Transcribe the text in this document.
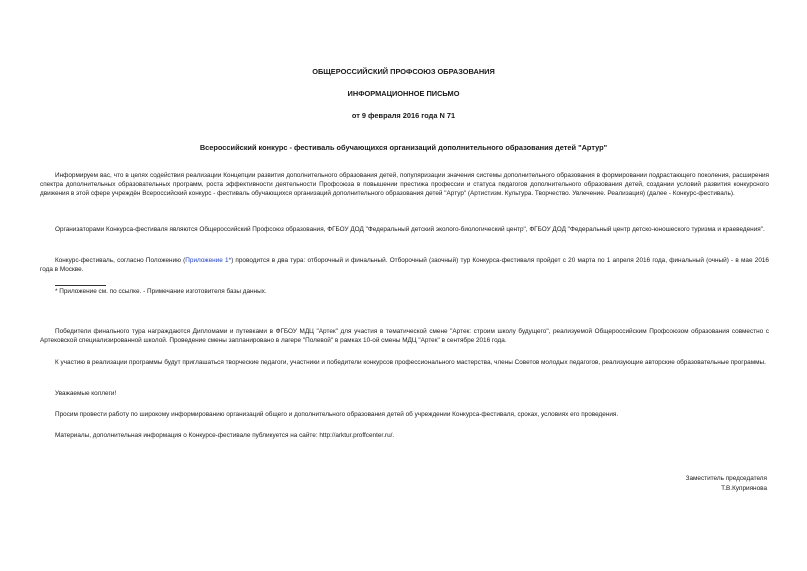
ОБЩЕРОССИЙСКИЙ ПРОФСОЮЗ ОБРАЗОВАНИЯ
ИНФОРМАЦИОННОЕ ПИСЬМО
от 9 февраля 2016 года N 71
Всероссийский конкурс - фестиваль обучающихся организаций дополнительного образования детей "Артур"
Информируем вас, что в целях содействия реализации Концепции развития дополнительного образования детей, популяризации значения системы дополнительного образования в формировании подрастающего поколения, расширения спектра дополнительных образовательных программ, роста эффективности деятельности Профсоюза в повышении престижа профессии и статуса педагогов дополнительного образования детей, создании условий развития конкурсного движения в этой сфере учреждён Всероссийский конкурс - фестиваль обучающихся организаций дополнительного образования детей "Артур" (Артистизм. Культура. Творчество. Увлечение. Реализация) (далее - Конкурс-фестиваль).
Организаторами Конкурса-фестиваля являются Общероссийский Профсоюз образования, ФГБОУ ДОД "Федеральный детский эколого-биологический центр", ФГБОУ ДОД "Федеральный центр детско-юношеского туризма и краеведения".
Конкурс-фестиваль, согласно Положению (Приложение 1*) проводится в два тура: отборочный и финальный. Отборочный (заочный) тур Конкурса-фестиваля пройдет с 20 марта по 1 апреля 2016 года, финальный (очный) - в мае 2016 года в Москве.
* Приложение см. по ссылке. - Примечание изготовителя базы данных.
Победители финального тура награждаются Дипломами и путевками в ФГБОУ МДЦ "Артек" для участия в тематической смене "Артек: строим школу будущего", реализуемой Общероссийским Профсоюзом образования совместно с Артековской специализированной школой. Проведение смены запланировано в лагере "Полевой" в рамках 10-ой смены МДЦ "Артек" в сентябре 2016 года.
К участию в реализации программы будут приглашаться творческие педагоги, участники и победители конкурсов профессионального мастерства, члены Советов молодых педагогов, реализующие авторские образовательные программы.
Уважаемые коллеги!
Просим провести работу по широкому информированию организаций общего и дополнительного образования детей об учреждении Конкурса-фестиваля, сроках, условиях его проведения.
Материалы, дополнительная информация о Конкурсе-фестивале публикуется на сайте: http://arktur.proffcenter.ru/.
Заместитель председателя
Т.В.Куприянова
